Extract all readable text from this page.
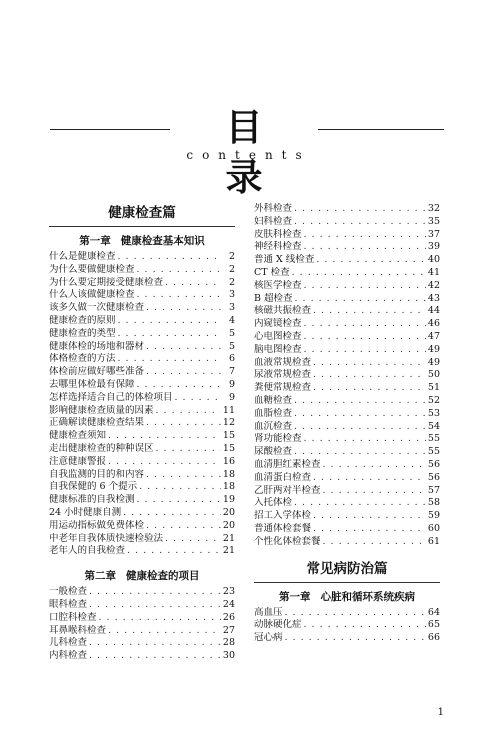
目 录
contents
健康检查篇
第一章 健康检查基本知识
什么是健康检查 . . .	2
为什么要做健康检查 . . .	2
为什么要定期接受健康检查 . . .	2
什么人该做健康检查 . . .	3
该多久做一次健康检查 . . .	3
健康检查的原则 . . .	4
健康检查的类型 . . .	5
健康体检的场地和器材 . . .	5
体格检查的方法 . . .	6
体检前应做好哪些准备 . . .	7
去哪里体检最有保障 . . .	9
怎样选择适合自己的体检项目 . . .	9
影响健康检查质量的因素 . . .	11
正确解读健康检查结果 . . .	12
健康检查须知 . . .	15
走出健康检查的种种误区 . . .	15
注意健康警报 . . .	16
自我监测的目的和内容 . . .	18
自我保健的 6 个提示 . . .	18
健康标准的自我检测 . . .	19
24 小时健康自测 . . .	20
用运动指标做免费体检 . . .	20
中老年自我体质快速检验法 . . .	21
老年人的自我检查 . . .	21
第二章 健康检查的项目
一般检查 . . .	23
眼科检查 . . .	24
口腔科检查 . . .	26
耳鼻喉科检查 . . .	27
儿科检查 . . .	28
内科检查 . . .	30
外科检查 . . .	32
妇科检查 . . .	35
皮肤科检查 . . .	37
神经科检查 . . .	39
普通 X 线检查 . . .	40
CT 检查 . . .	41
核医学检查 . . .	42
B 超检查 . . .	43
核磁共振检查 . . .	44
内窥镜检查 . . .	46
心电图检查 . . .	47
脑电图检查 . . .	49
血液常规检查 . . .	49
尿液常规检查 . . .	50
粪便常规检查 . . .	51
血糖检查 . . .	52
血脂检查 . . .	53
血沉检查 . . .	54
肾功能检查 . . .	55
尿酸检查 . . .	55
血清胆红素检查 . . .	56
血清蛋白检查 . . .	56
乙肝两对半检查 . . .	57
入托体检 . . .	58
招工入学体检 . . .	59
普通体检套餐 . . .	60
个性化体检套餐 . . .	61
常见病防治篇
第一章 心脏和循环系统疾病
高血压 . . .	64
动脉硬化症 . . .	65
冠心病 . . .	66
1
